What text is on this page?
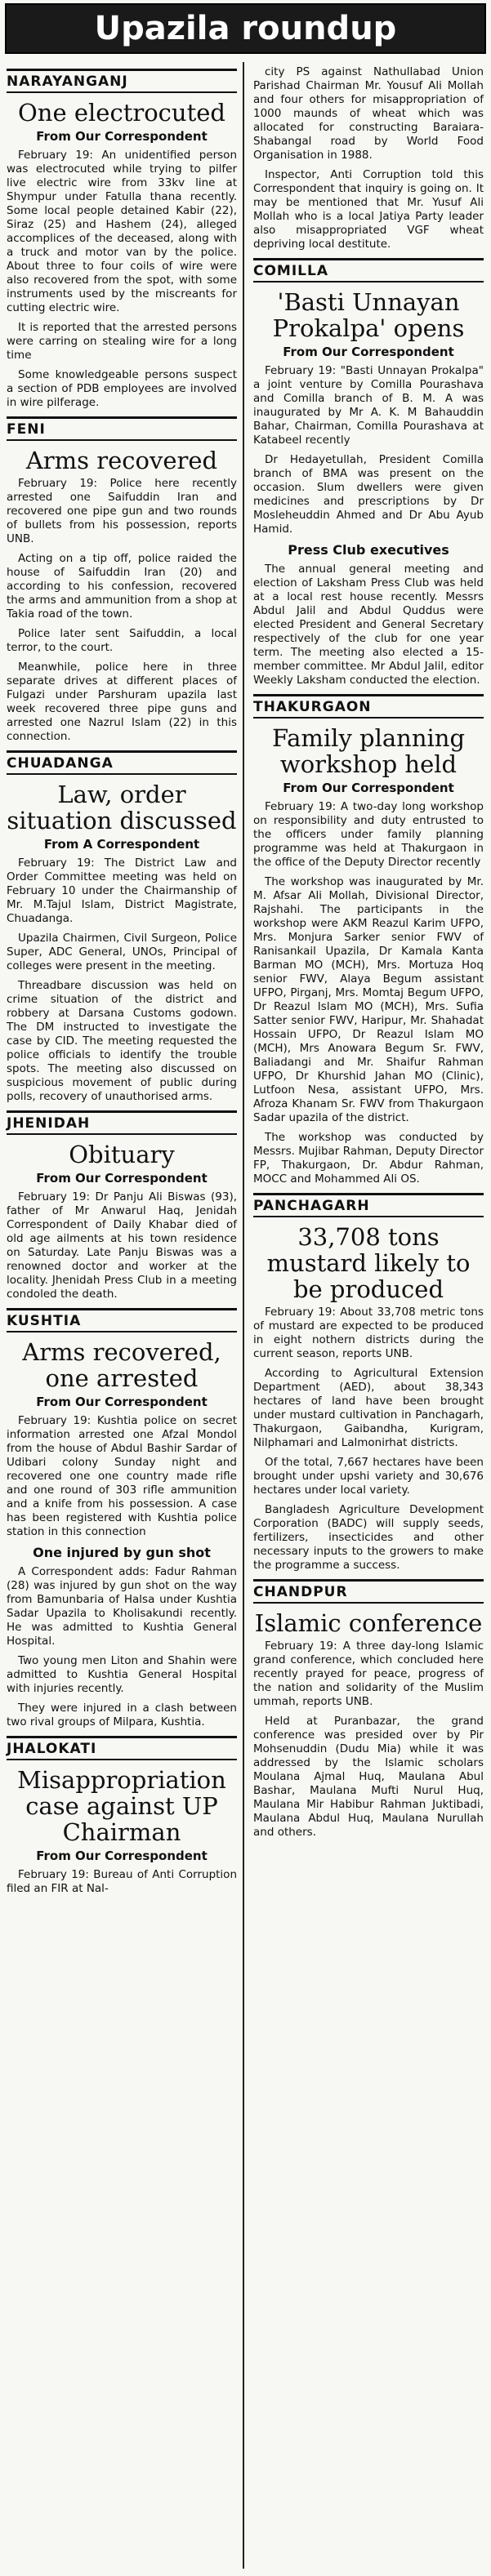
Upazila roundup
NARAYANGANJ
One electrocuted
From Our Correspondent

February 19: An unidentified person was electrocuted while trying to pilfer live electric wire from 33kv line at Shympur under Fatulla thana recently. Some local people detained Kabir (22), Siraz (25) and Hashem (24), alleged accomplices of the deceased, along with a truck and motor van by the police. About three to four coils of wire were also recovered from the spot, with some instruments used by the miscreants for cutting electric wire.

It is reported that the arrested persons were carring on stealing wire for a long time

Some knowledgeable persons suspect a section of PDB employees are involved in wire pilferage.

FENI
Arms recovered

February 19: Police here recently arrested one Saifuddin Iran and recovered one pipe gun and two rounds of bullets from his possession, reports UNB.

Acting on a tip off, police raided the house of Saifuddin Iran (20) and according to his confession, recovered the arms and ammunition from a shop at Takia road of the town.

Police later sent Saifuddin, a local terror, to the court.

Meanwhile, police here in three separate drives at different places of Fulgazi under Parshuram upazila last week recovered three pipe guns and arrested one Nazrul Islam (22) in this connection.

CHUADANGA
Law, order situation discussed
From A Correspondent

February 19: The District Law and Order Committee meeting was held on February 10 under the Chairmanship of Mr. M.Tajul Islam, District Magistrate, Chuadanga.

Upazila Chairmen, Civil Surgeon, Police Super, ADC General, UNOs, Principal of colleges were present in the meeting.

Threadbare discussion was held on crime situation of the district and robbery at Darsana Customs godown. The DM instructed to investigate the case by CID. The meeting requested the police officials to identify the trouble spots. The meeting also discussed on suspicious movement of public during polls, recovery of unauthorised arms.

JHENIDAH
Obituary
From Our Correspondent

February 19: Dr Panju Ali Biswas (93), father of Mr Anwarul Haq, Jenidah Correspondent of Daily Khabar died of old age ailments at his town residence on Saturday. Late Panju Biswas was a renowned doctor and worker at the locality. Jhenidah Press Club in a meeting condoled the death.

KUSHTIA
Arms recovered, one arrested
From Our Correspondent

February 19: Kushtia police on secret information arrested one Afzal Mondol from the house of Abdul Bashir Sardar of Udibari colony Sunday night and recovered one one country made rifle and one round of 303 rifle ammunition and a knife from his possession. A case has been registered with Kushtia police station in this connection

One injured by gun shot

A Correspondent adds: Fadur Rahman (28) was injured by gun shot on the way from Bamunbaria of Halsa under Kushtia Sadar Upazila to Kholisakundi recently. He was admitted to Kushtia General Hospital.

Two young men Liton and Shahin were admitted to Kushtia General Hospital with injuries recently.

They were injured in a clash between two rival groups of Milpara, Kushtia.

JHALOKATI
Misappropriation case against UP Chairman
From Our Correspondent

February 19: Bureau of Anti Corruption filed an FIR at Nal-

city PS against Nathullabad Union Parishad Chairman Mr. Yousuf Ali Mollah and four others for misappropriation of 1000 maunds of wheat which was allocated for constructing Baraiara-Shabangal road by World Food Organisation in 1988.

Inspector, Anti Corruption told this Correspondent that inquiry is going on. It may be mentioned that Mr. Yusuf Ali Mollah who is a local Jatiya Party leader also misappropriated VGF wheat depriving local destitute.

COMILLA
'Basti Unnayan Prokalpa' opens
From Our Correspondent

February 19: "Basti Unnayan Prokalpa" a joint venture by Comilla Pourashava and Comilla branch of B. M. A was inaugurated by Mr A. K. M Bahauddin Bahar, Chairman, Comilla Pourashava at Katabeel recently

Dr Hedayetullah, President Comilla branch of BMA was present on the occasion. Slum dwellers were given medicines and prescriptions by Dr Mosleheuddin Ahmed and Dr Abu Ayub Hamid.

Press Club executives

The annual general meeting and election of Laksham Press Club was held at a local rest house recently. Messrs Abdul Jalil and Abdul Quddus were elected President and General Secretary respectively of the club for one year term. The meeting also elected a 15-member committee. Mr Abdul Jalil, editor Weekly Laksham conducted the election.

THAKURGAON
Family planning workshop held
From Our Correspondent

February 19: A two-day long workshop on responsibility and duty entrusted to the officers under family planning programme was held at Thakurgaon in the office of the Deputy Director recently

The workshop was inaugurated by Mr. M. Afsar Ali Mollah, Divisional Director, Rajshahi. The participants in the workshop were AKM Reazul Karim UFPO, Mrs. Monjura Sarker senior FWV of Ranisankail Upazila, Dr Kamala Kanta Barman MO (MCH), Mrs. Mortuza Hoq senior FWV, Alaya Begum assistant UFPO, Pirganj, Mrs. Momtaj Begum UFPO, Dr Reazul Islam MO (MCH), Mrs. Sufia Satter senior FWV, Haripur, Mr. Shahadat Hossain UFPO, Dr Reazul Islam MO (MCH), Mrs Anowara Begum Sr. FWV, Baliadangi and Mr. Shaifur Rahman UFPO, Dr Khurshid Jahan MO (Clinic), Lutfoon Nesa, assistant UFPO, Mrs. Afroza Khanam Sr. FWV from Thakurgaon Sadar upazila of the district.

The workshop was conducted by Messrs. Mujibar Rahman, Deputy Director FP, Thakurgaon, Dr. Abdur Rahman, MOCC and Mohammed Ali OS.

PANCHAGARH
33,708 tons mustard likely to be produced

February 19: About 33,708 metric tons of mustard are expected to be produced in eight nothern districts during the current season, reports UNB.

According to Agricultural Extension Department (AED), about 38,343 hectares of land have been brought under mustard cultivation in Panchagarh, Thakurgaon, Gaibandha, Kurigram, Nilphamari and Lalmonirhat districts.

Of the total, 7,667 hectares have been brought under upshi variety and 30,676 hectares under local variety.

Bangladesh Agriculture Development Corporation (BADC) will supply seeds, fertilizers, insecticides and other necessary inputs to the growers to make the programme a success.

CHANDPUR
Islamic conference

February 19: A three day-long Islamic grand conference, which concluded here recently prayed for peace, progress of the nation and solidarity of the Muslim ummah, reports UNB.

Held at Puranbazar, the grand conference was presided over by Pir Mohsenuddin (Dudu Mia) while it was addressed by the Islamic scholars Moulana Ajmal Huq, Maulana Abul Bashar, Maulana Mufti Nurul Huq, Maulana Mir Habibur Rahman Juktibadi, Maulana Abdul Huq, Maulana Nurullah and others.
